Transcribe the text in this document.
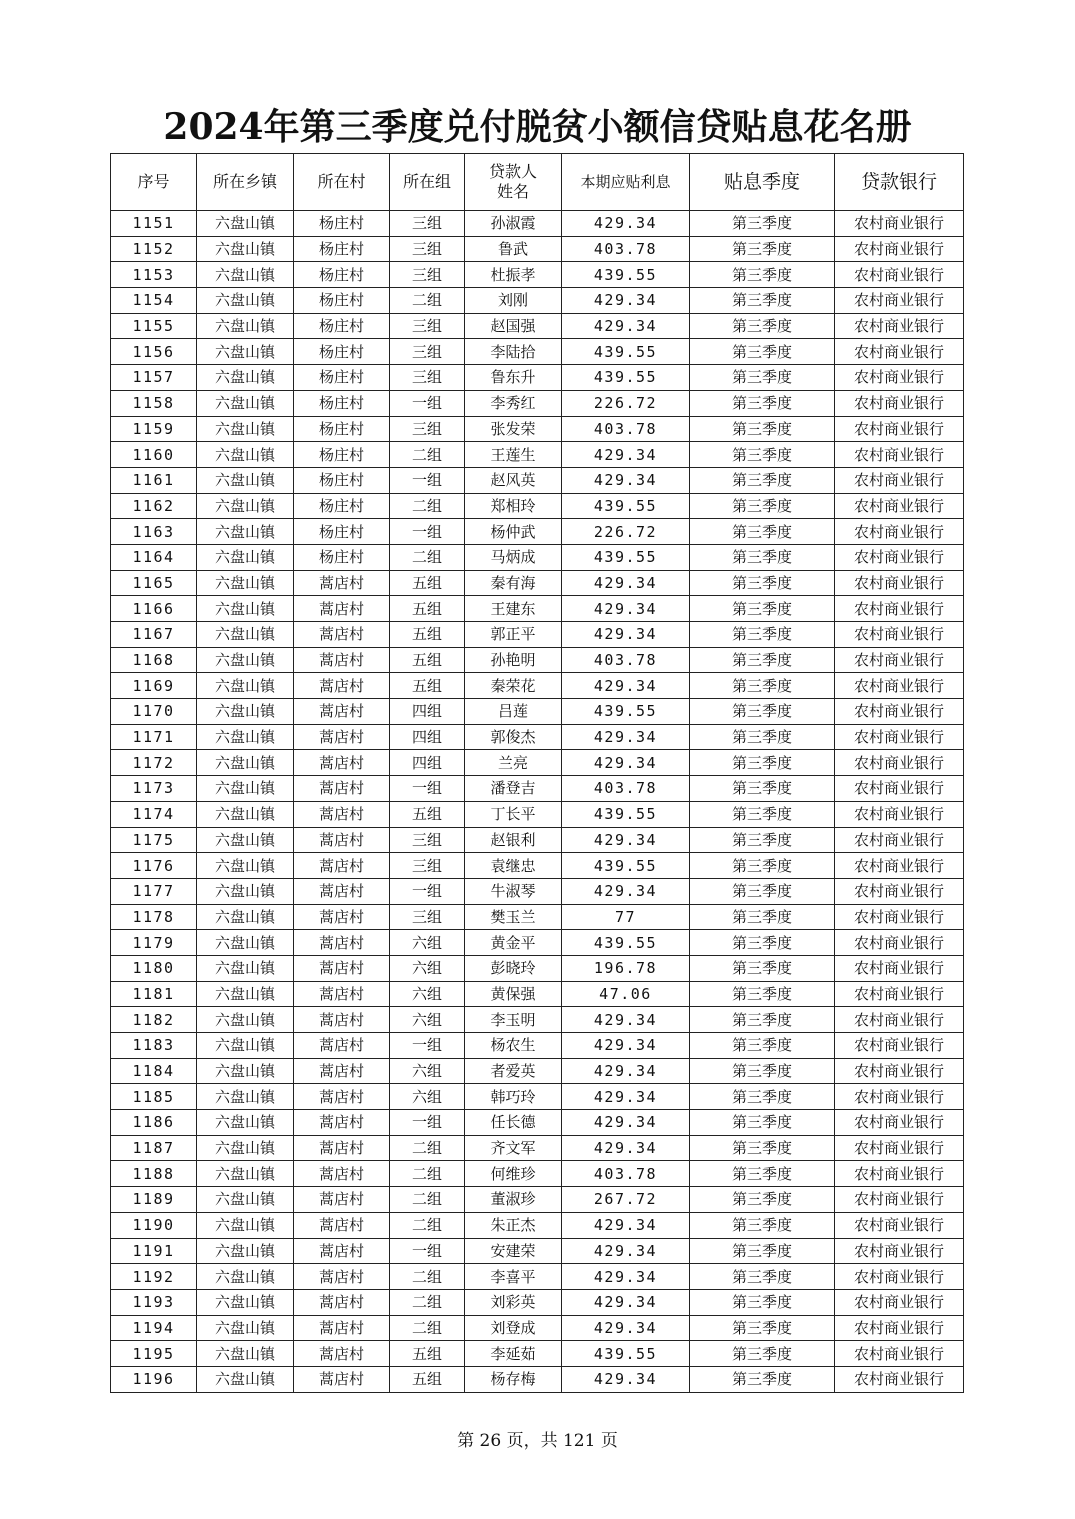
2024年第三季度兑付脱贫小额信贷贴息花名册
序号	所在乡镇	所在村	所在组	贷款人姓名	本期应贴利息	贴息季度	贷款银行
1151	六盘山镇	杨庄村	三组	孙淑霞	429.34	第三季度	农村商业银行
1152	六盘山镇	杨庄村	三组	鲁武	403.78	第三季度	农村商业银行
1153	六盘山镇	杨庄村	三组	杜振孝	439.55	第三季度	农村商业银行
1154	六盘山镇	杨庄村	二组	刘刚	429.34	第三季度	农村商业银行
1155	六盘山镇	杨庄村	三组	赵国强	429.34	第三季度	农村商业银行
1156	六盘山镇	杨庄村	三组	李陆拾	439.55	第三季度	农村商业银行
1157	六盘山镇	杨庄村	三组	鲁东升	439.55	第三季度	农村商业银行
1158	六盘山镇	杨庄村	一组	李秀红	226.72	第三季度	农村商业银行
1159	六盘山镇	杨庄村	三组	张发荣	403.78	第三季度	农村商业银行
1160	六盘山镇	杨庄村	二组	王莲生	429.34	第三季度	农村商业银行
1161	六盘山镇	杨庄村	一组	赵风英	429.34	第三季度	农村商业银行
1162	六盘山镇	杨庄村	二组	郑相玲	439.55	第三季度	农村商业银行
1163	六盘山镇	杨庄村	一组	杨仲武	226.72	第三季度	农村商业银行
1164	六盘山镇	杨庄村	二组	马炳成	439.55	第三季度	农村商业银行
1165	六盘山镇	蒿店村	五组	秦有海	429.34	第三季度	农村商业银行
1166	六盘山镇	蒿店村	五组	王建东	429.34	第三季度	农村商业银行
1167	六盘山镇	蒿店村	五组	郭正平	429.34	第三季度	农村商业银行
1168	六盘山镇	蒿店村	五组	孙艳明	403.78	第三季度	农村商业银行
1169	六盘山镇	蒿店村	五组	秦荣花	429.34	第三季度	农村商业银行
1170	六盘山镇	蒿店村	四组	吕莲	439.55	第三季度	农村商业银行
1171	六盘山镇	蒿店村	四组	郭俊杰	429.34	第三季度	农村商业银行
1172	六盘山镇	蒿店村	四组	兰亮	429.34	第三季度	农村商业银行
1173	六盘山镇	蒿店村	一组	潘登吉	403.78	第三季度	农村商业银行
1174	六盘山镇	蒿店村	五组	丁长平	439.55	第三季度	农村商业银行
1175	六盘山镇	蒿店村	三组	赵银利	429.34	第三季度	农村商业银行
1176	六盘山镇	蒿店村	三组	袁继忠	439.55	第三季度	农村商业银行
1177	六盘山镇	蒿店村	一组	牛淑琴	429.34	第三季度	农村商业银行
1178	六盘山镇	蒿店村	三组	樊玉兰	77	第三季度	农村商业银行
1179	六盘山镇	蒿店村	六组	黄金平	439.55	第三季度	农村商业银行
1180	六盘山镇	蒿店村	六组	彭晓玲	196.78	第三季度	农村商业银行
1181	六盘山镇	蒿店村	六组	黄保强	47.06	第三季度	农村商业银行
1182	六盘山镇	蒿店村	六组	李玉明	429.34	第三季度	农村商业银行
1183	六盘山镇	蒿店村	一组	杨农生	429.34	第三季度	农村商业银行
1184	六盘山镇	蒿店村	六组	者爱英	429.34	第三季度	农村商业银行
1185	六盘山镇	蒿店村	六组	韩巧玲	429.34	第三季度	农村商业银行
1186	六盘山镇	蒿店村	一组	任长德	429.34	第三季度	农村商业银行
1187	六盘山镇	蒿店村	二组	齐文军	429.34	第三季度	农村商业银行
1188	六盘山镇	蒿店村	二组	何维珍	403.78	第三季度	农村商业银行
1189	六盘山镇	蒿店村	二组	董淑珍	267.72	第三季度	农村商业银行
1190	六盘山镇	蒿店村	二组	朱正杰	429.34	第三季度	农村商业银行
1191	六盘山镇	蒿店村	一组	安建荣	429.34	第三季度	农村商业银行
1192	六盘山镇	蒿店村	二组	李喜平	429.34	第三季度	农村商业银行
1193	六盘山镇	蒿店村	二组	刘彩英	429.34	第三季度	农村商业银行
1194	六盘山镇	蒿店村	二组	刘登成	429.34	第三季度	农村商业银行
1195	六盘山镇	蒿店村	五组	李延茹	439.55	第三季度	农村商业银行
1196	六盘山镇	蒿店村	五组	杨存梅	429.34	第三季度	农村商业银行
第 26 页，共 121 页
